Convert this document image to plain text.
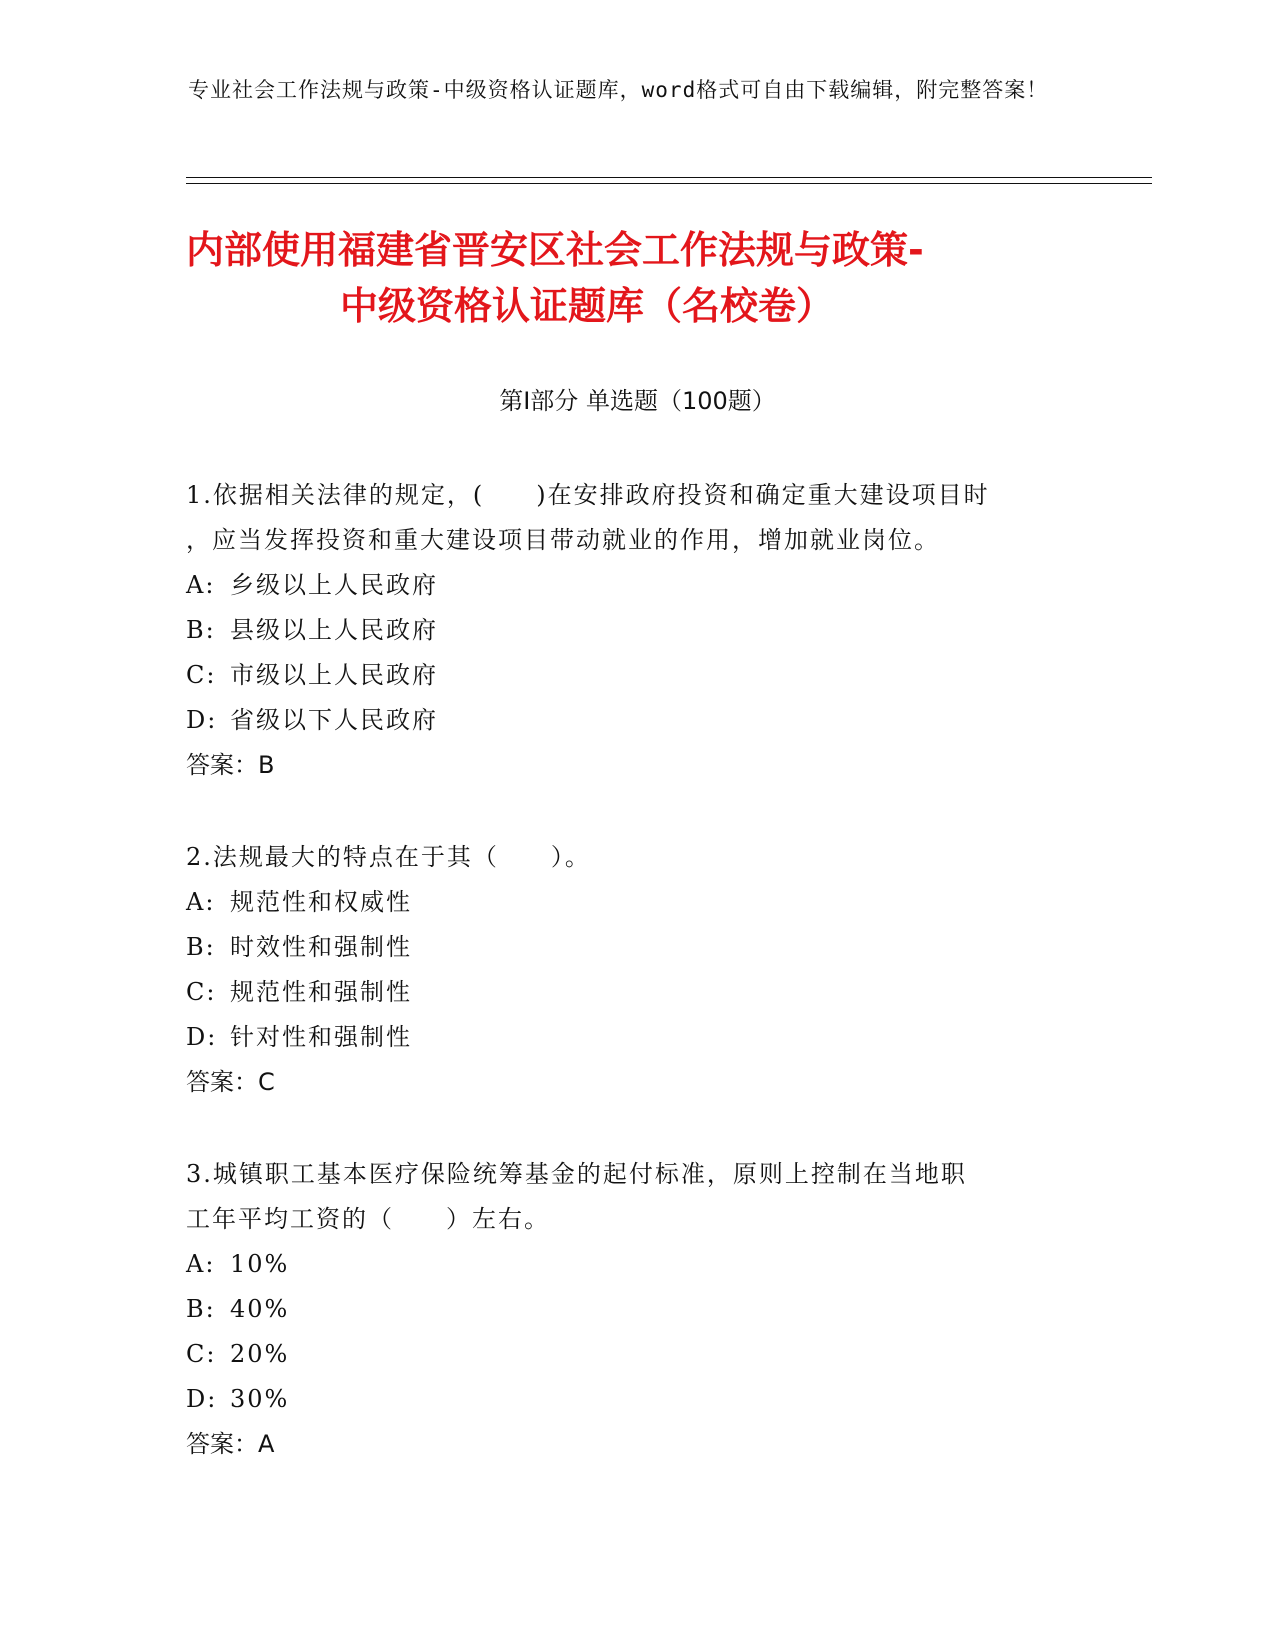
专业社会工作法规与政策-中级资格认证题库，word格式可自由下载编辑，附完整答案！
内部使用福建省晋安区社会工作法规与政策-
中级资格认证题库（名校卷）
第Ⅰ部分 单选题（100题）
1.依据相关法律的规定，(　　)在安排政府投资和确定重大建设项目时
，应当发挥投资和重大建设项目带动就业的作用，增加就业岗位。
A: 乡级以上人民政府
B: 县级以上人民政府
C: 市级以上人民政府
D: 省级以下人民政府
答案：B
2.法规最大的特点在于其（　　）。
A: 规范性和权威性
B: 时效性和强制性
C: 规范性和强制性
D: 针对性和强制性
答案：C
3.城镇职工基本医疗保险统筹基金的起付标准，原则上控制在当地职
工年平均工资的（　　）左右。
A: 10%
B: 40%
C: 20%
D: 30%
答案：A
